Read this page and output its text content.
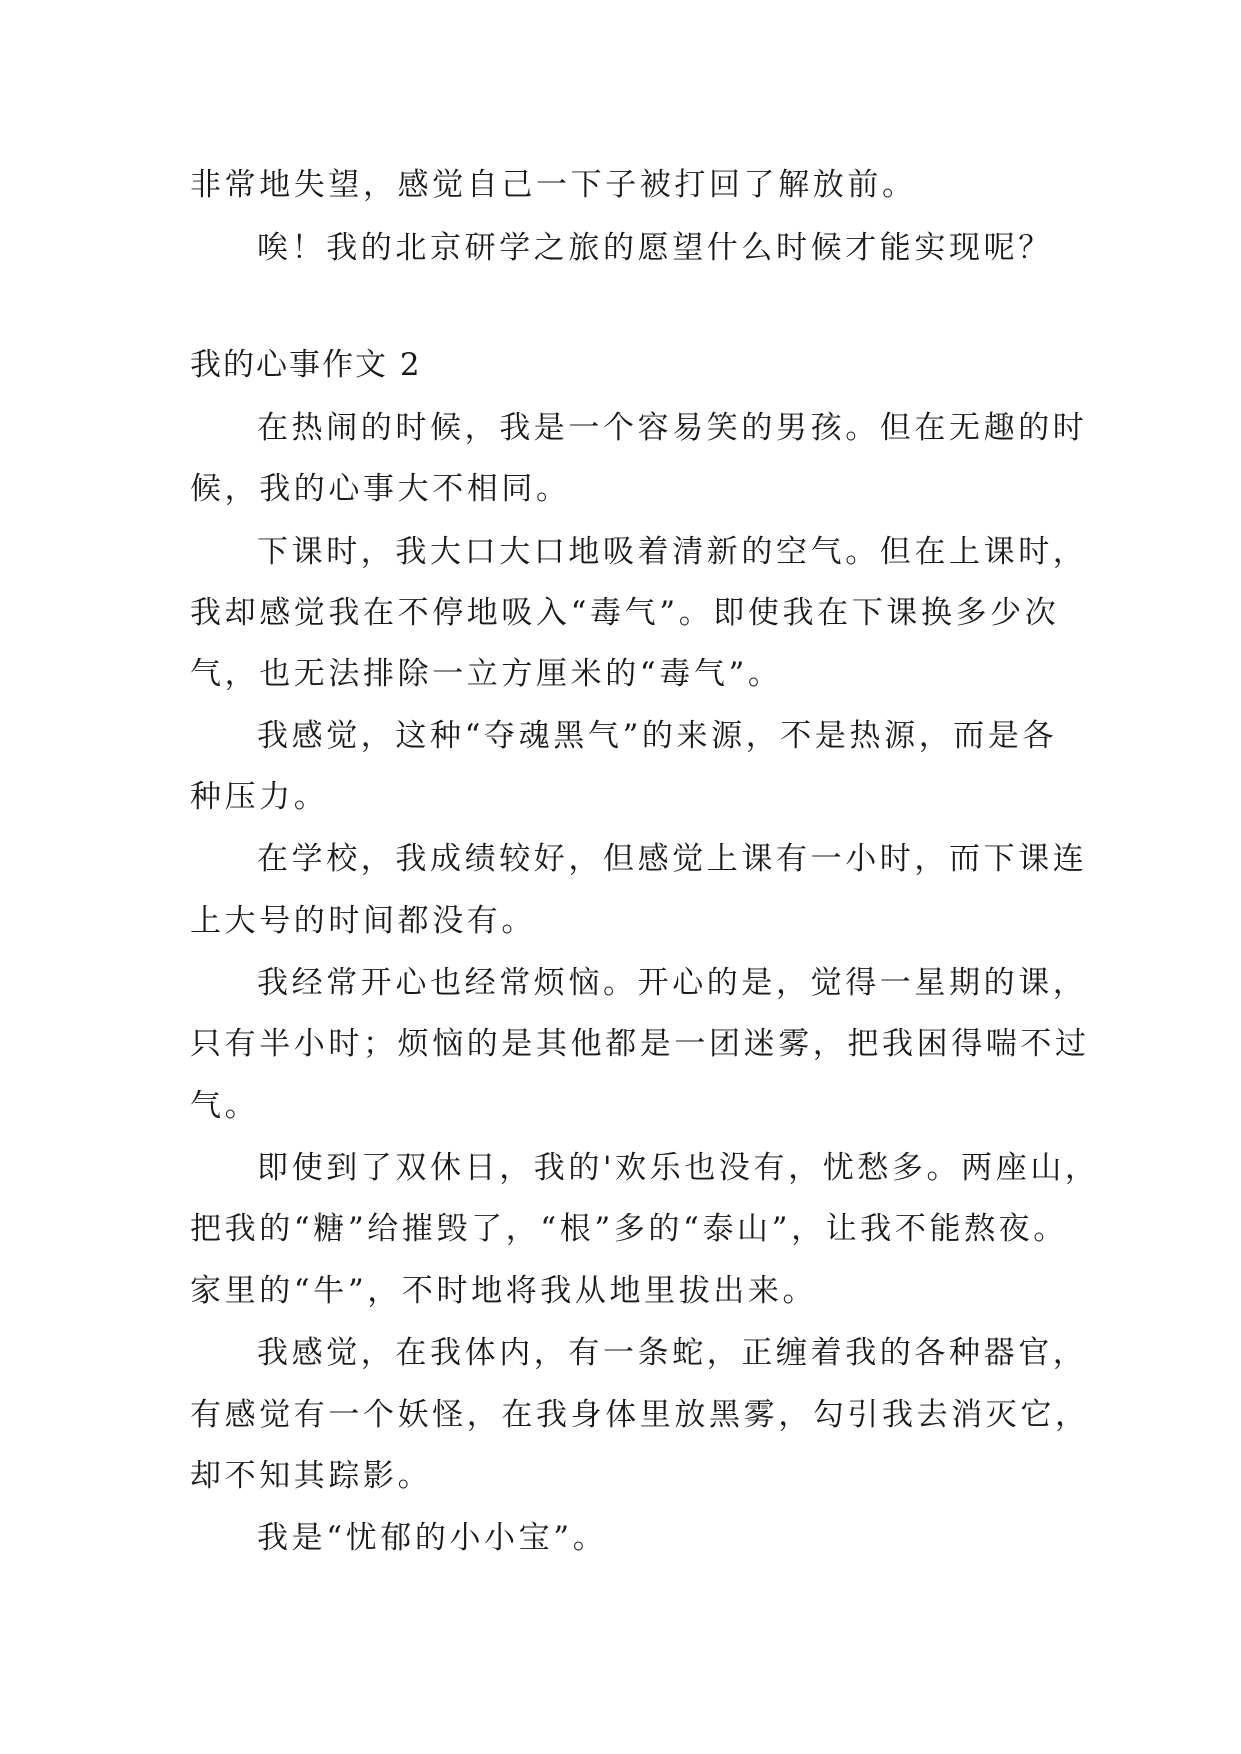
非常地失望，感觉自己一下子被打回了解放前。
唉！我的北京研学之旅的愿望什么时候才能实现呢？
我的心事作文 2
在热闹的时候，我是一个容易笑的男孩。但在无趣的时
候，我的心事大不相同。
下课时，我大口大口地吸着清新的空气。但在上课时，
我却感觉我在不停地吸入“毒气”。即使我在下课换多少次
气，也无法排除一立方厘米的“毒气”。
我感觉，这种“夺魂黑气”的来源，不是热源，而是各
种压力。
在学校，我成绩较好，但感觉上课有一小时，而下课连
上大号的时间都没有。
我经常开心也经常烦恼。开心的是，觉得一星期的课，
只有半小时；烦恼的是其他都是一团迷雾，把我困得喘不过
气。
即使到了双休日，我的'欢乐也没有，忧愁多。两座山，
把我的“糖”给摧毁了，“根”多的“泰山”，让我不能熬夜。
家里的“牛”，不时地将我从地里拔出来。
我感觉，在我体内，有一条蛇，正缠着我的各种器官，
有感觉有一个妖怪，在我身体里放黑雾，勾引我去消灭它，
却不知其踪影。
我是“忧郁的小小宝”。
